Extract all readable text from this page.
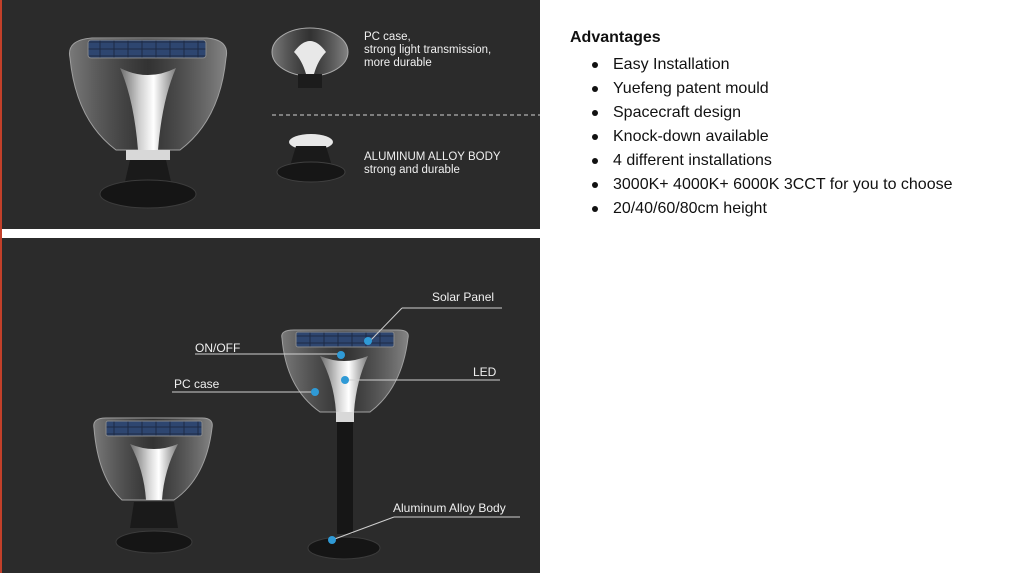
PC case,
strong light transmission,
more durable
ALUMINUM ALLOY BODY
strong and durable
Solar Panel
ON/OFF
LED
PC case
Aluminum Alloy Body
Advantages
Easy Installation
Yuefeng patent mould
Spacecraft design
Knock-down available
4 different installations
3000K+ 4000K+ 6000K 3CCT for you to choose
20/40/60/80cm height
